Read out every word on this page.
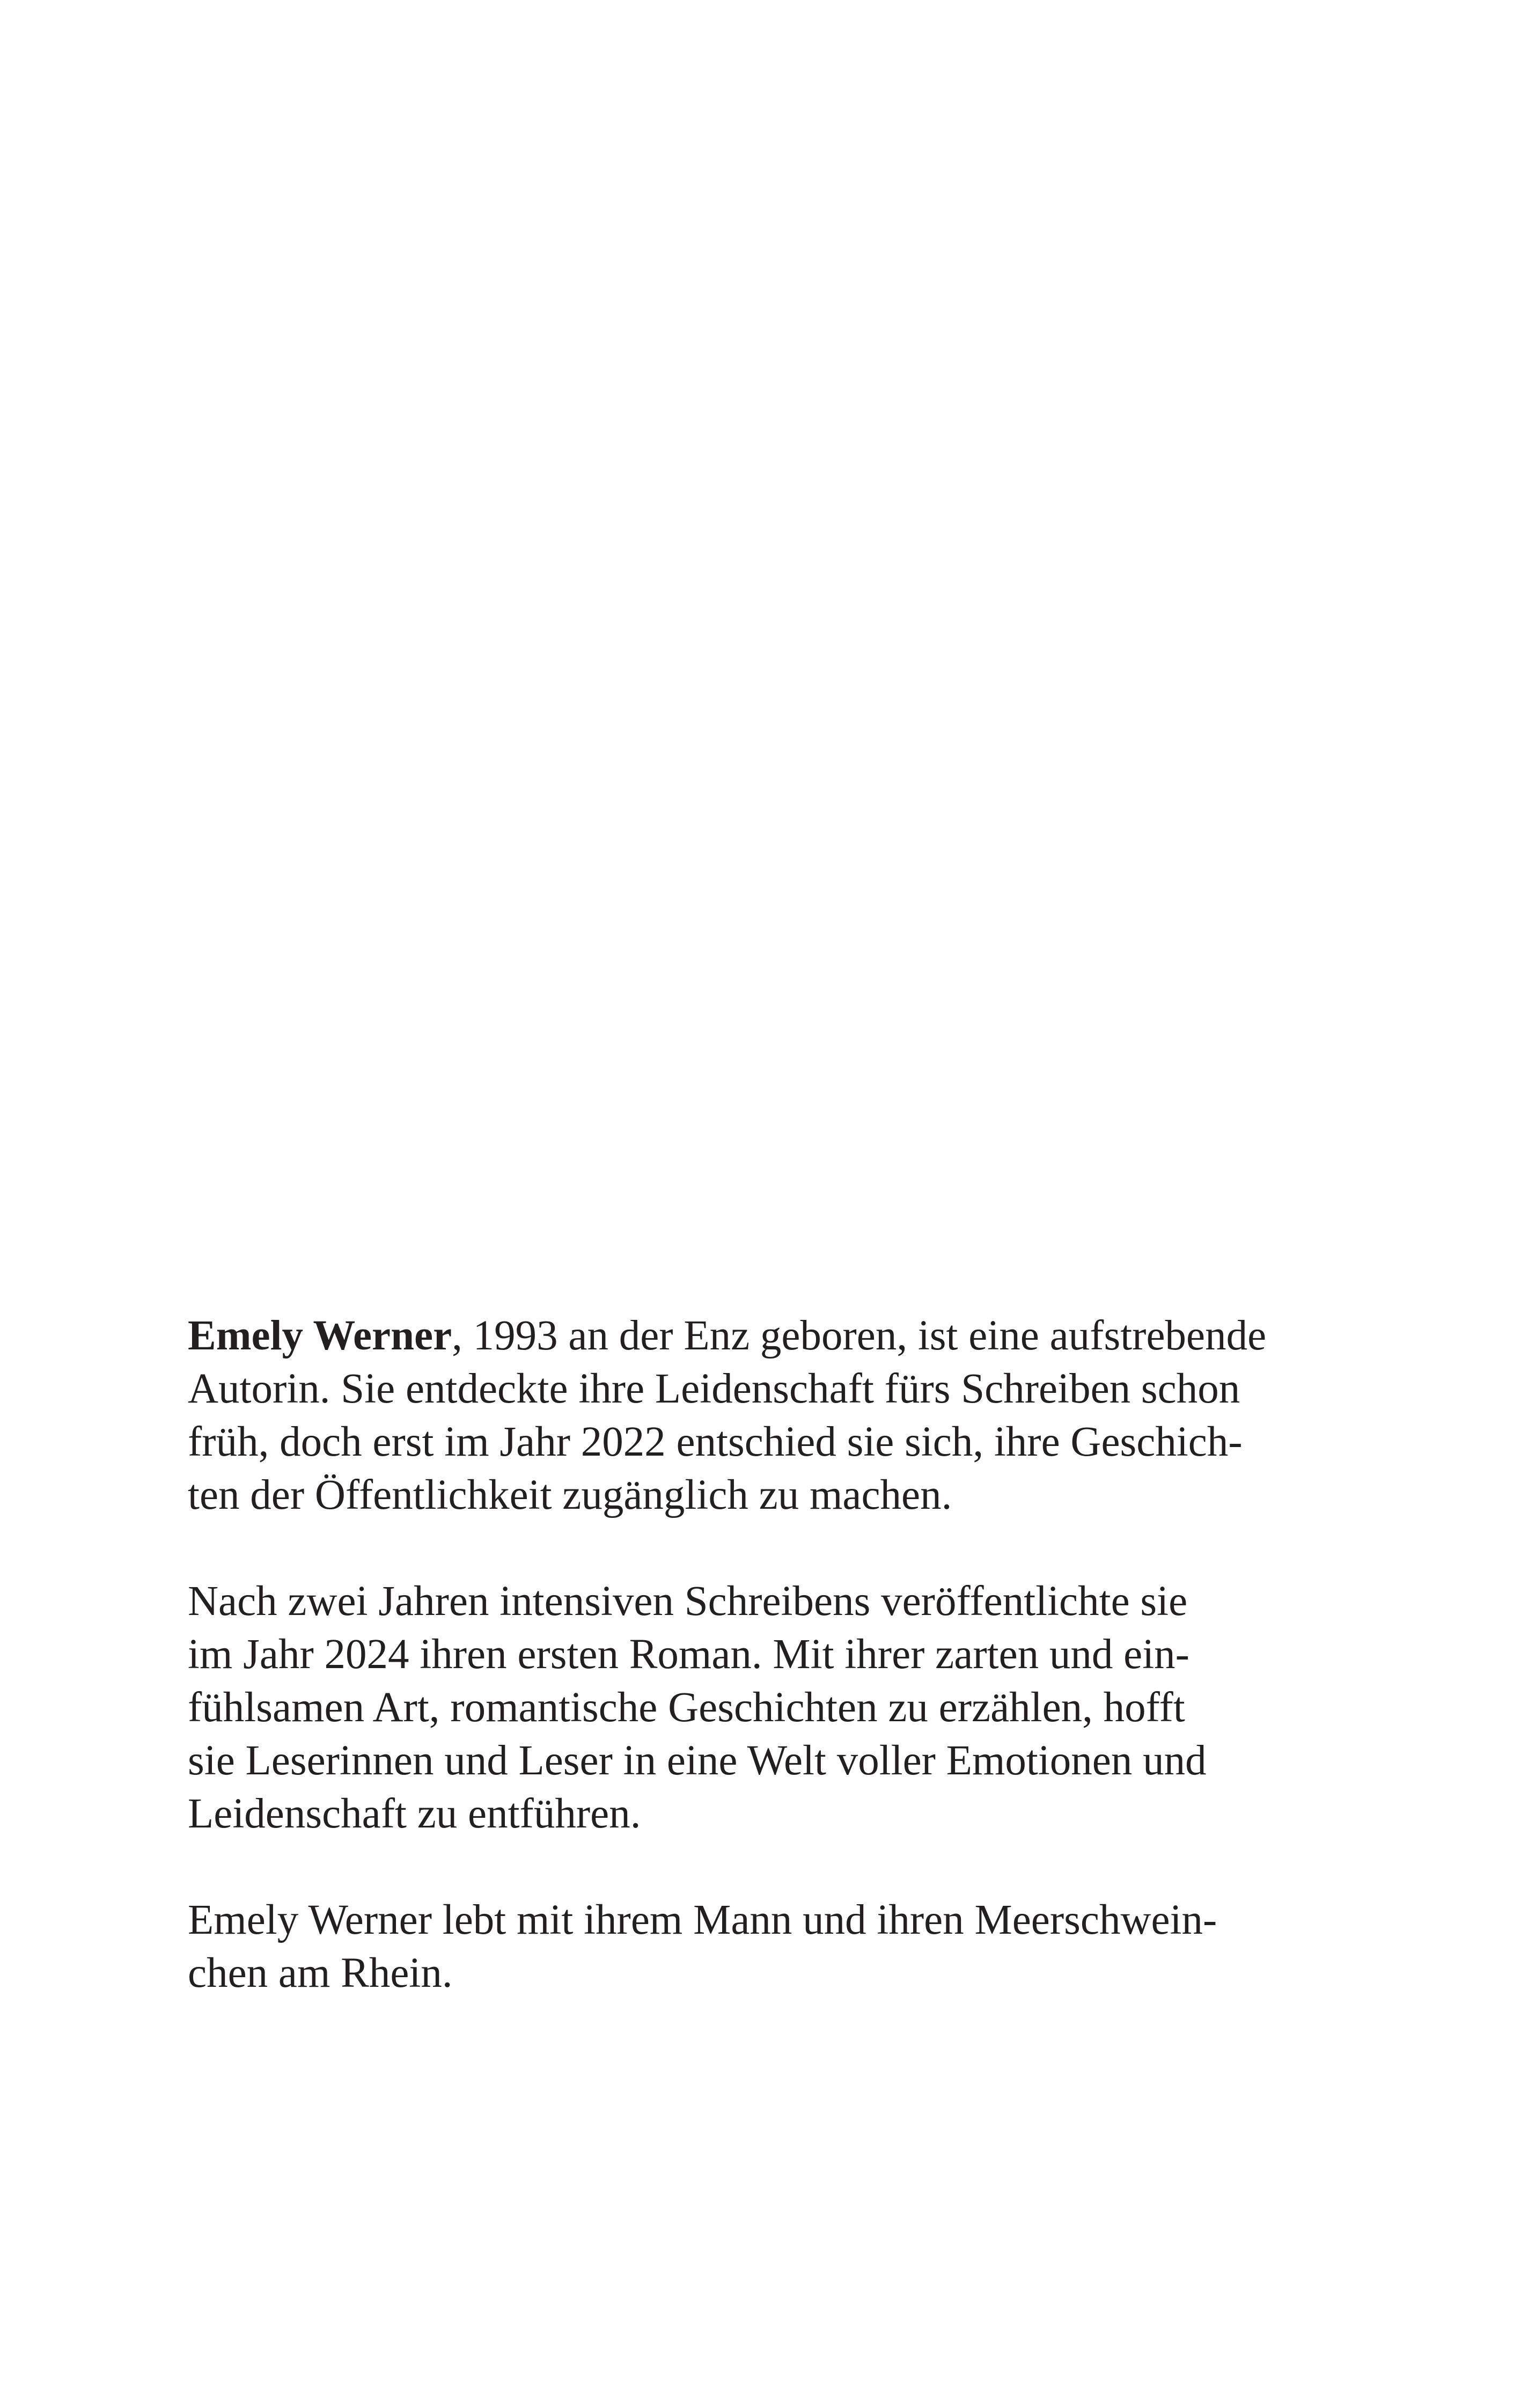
Emely Werner, 1993 an der Enz geboren, ist eine aufstrebende
Autorin. Sie entdeckte ihre Leidenschaft fürs Schreiben schon
früh, doch erst im Jahr 2022 entschied sie sich, ihre Geschich-
ten der Öffentlichkeit zugänglich zu machen.
Nach zwei Jahren intensiven Schreibens veröffentlichte sie
im Jahr 2024 ihren ersten Roman. Mit ihrer zarten und ein-
fühlsamen Art, romantische Geschichten zu erzählen, hofft
sie Leserinnen und Leser in eine Welt voller Emotionen und
Leidenschaft zu entführen.
Emely Werner lebt mit ihrem Mann und ihren Meerschwein-
chen am Rhein.
